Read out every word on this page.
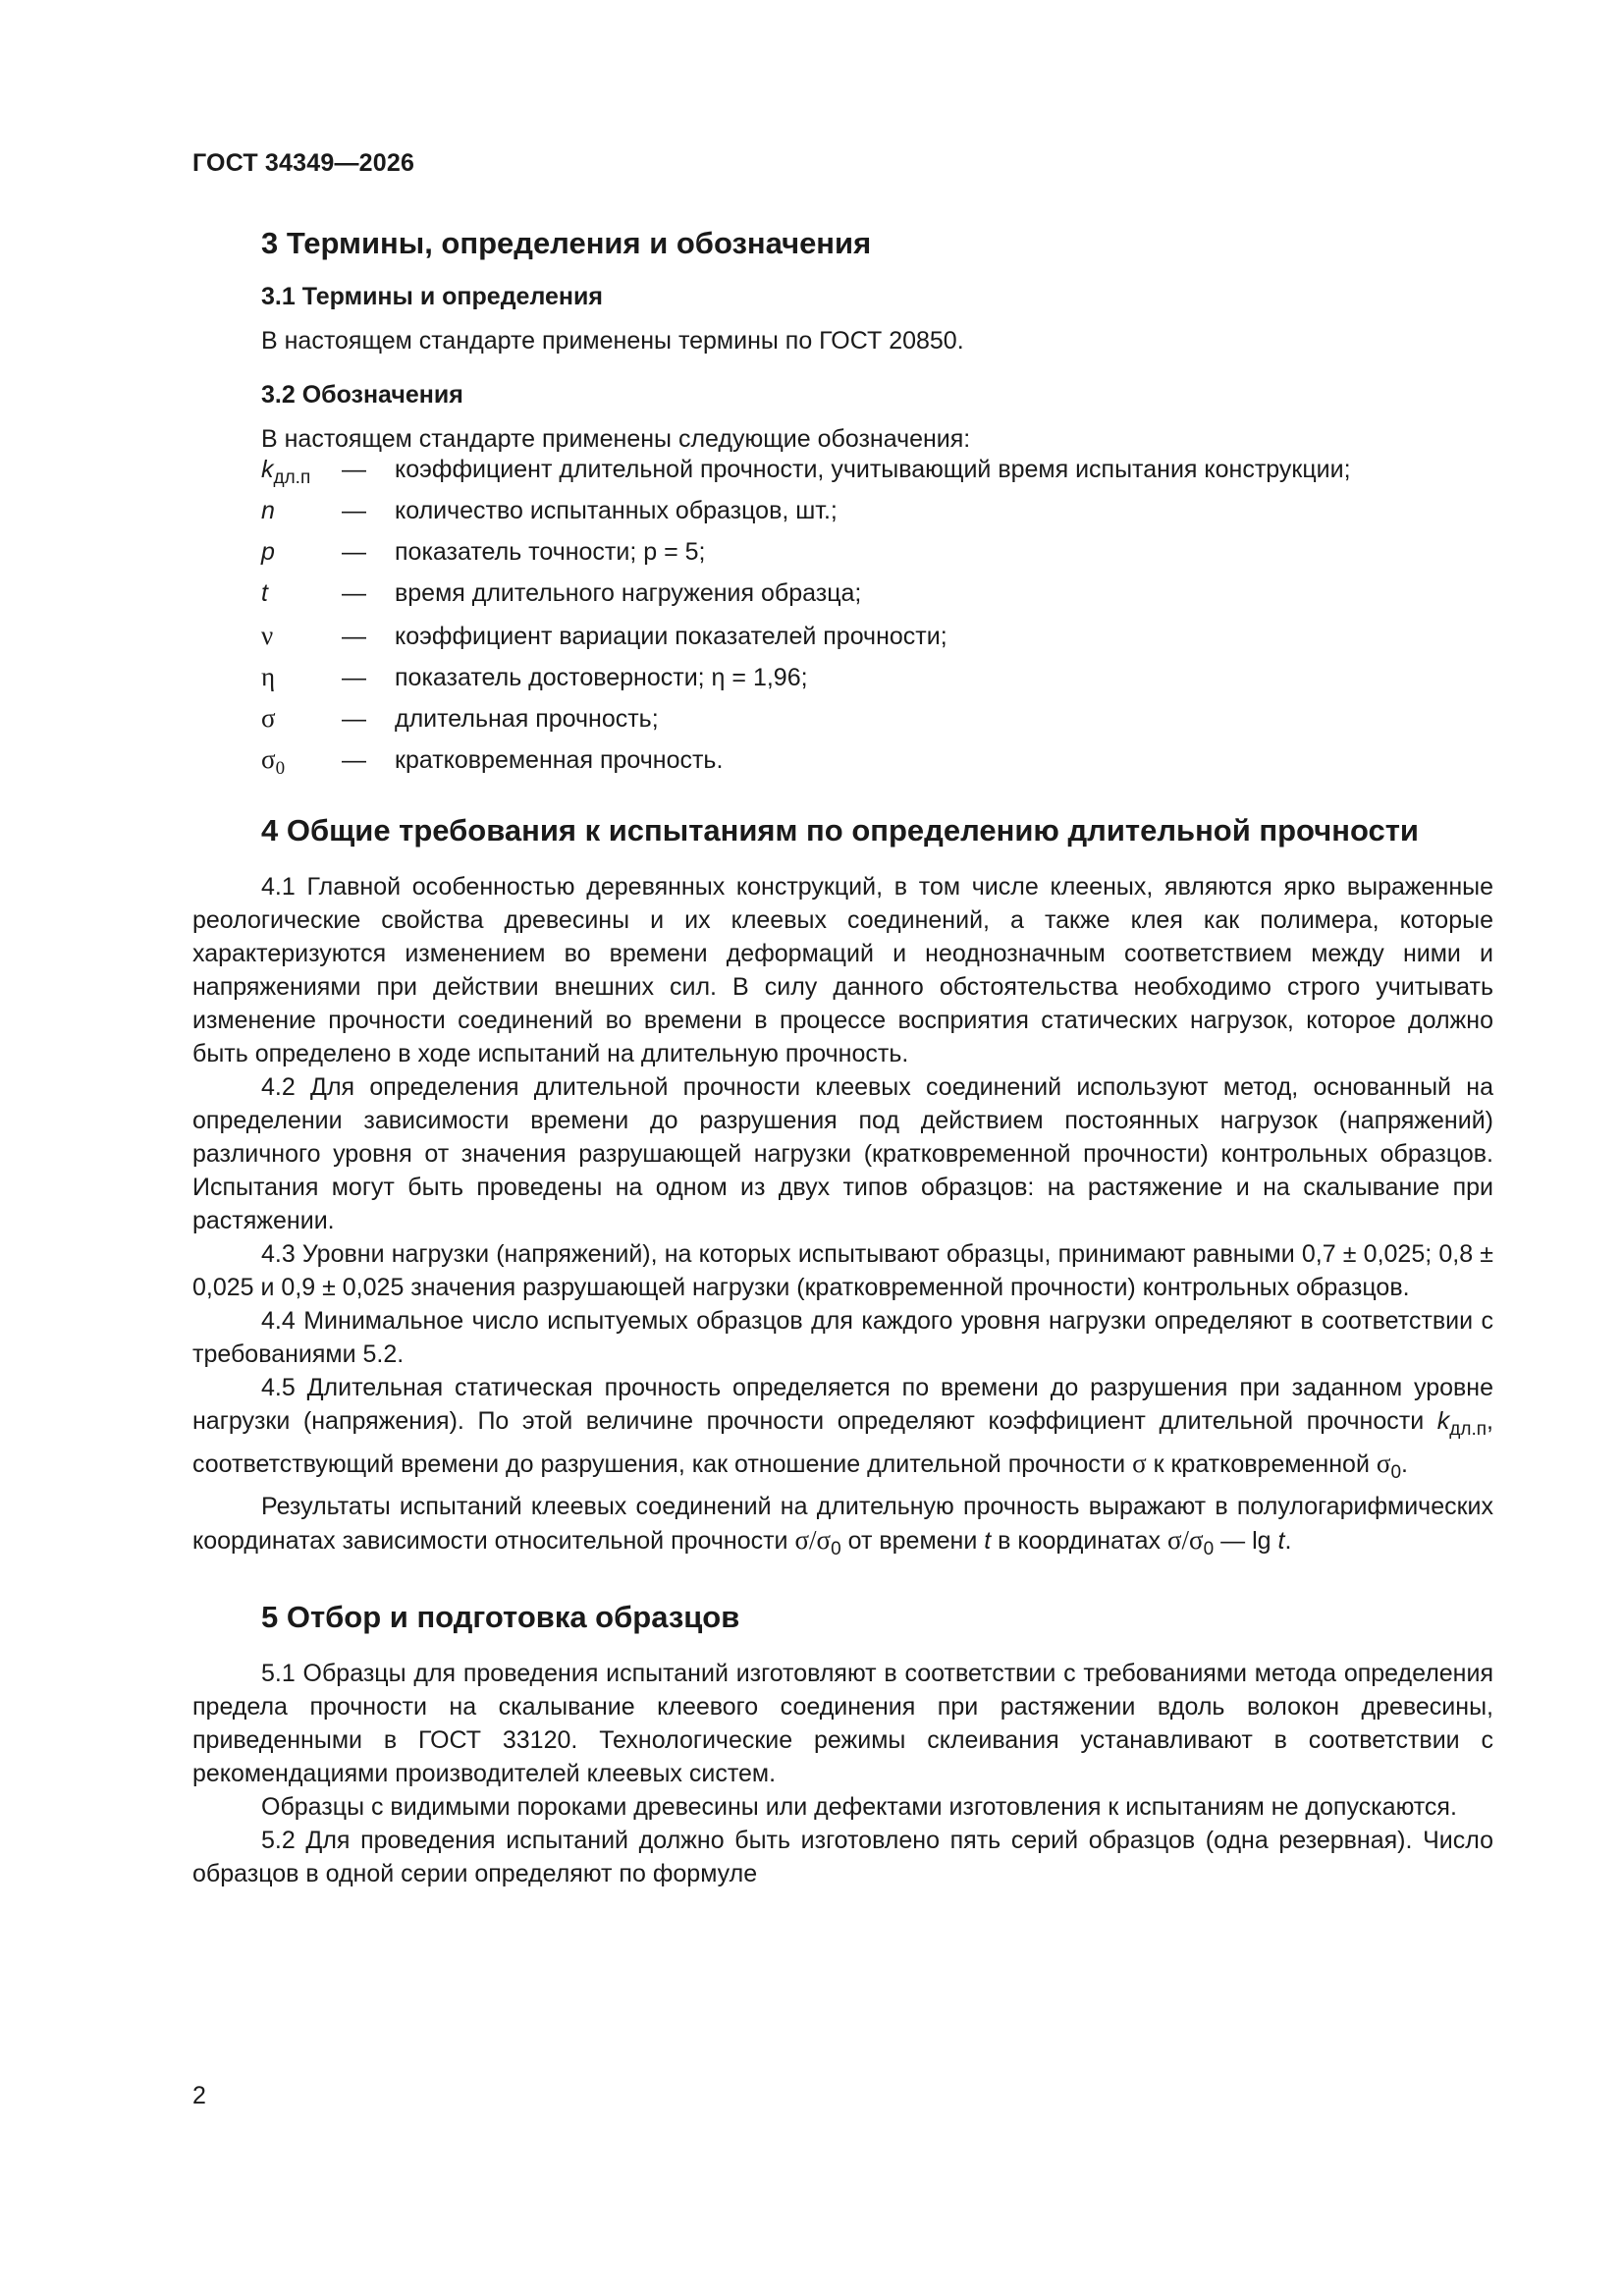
ГОСТ 34349—2026
3 Термины, определения и обозначения
3.1 Термины и определения

В настоящем стандарте применены термины по ГОСТ 20850.

3.2 Обозначения

В настоящем стандарте применены следующие обозначения:

$k_{дл.п}$	—	коэффициент длительной прочности, учитывающий время испытания конструкции;
n	—	количество испытанных образцов, шт.;
p	—	показатель точности; p = 5;
t	—	время длительного нагружения образца;
ν	—	коэффициент вариации показателей прочности;
η	—	показатель достоверности; η = 1,96;
σ	—	длительная прочность;
$\sigma_0$	—	кратковременная прочность.
4 Общие требования к испытаниям по определению длительной прочности

4.1 Главной особенностью деревянных конструкций, в том числе клееных, являются ярко выраженные реологические свойства древесины и их клеевых соединений, а также клея как полимера, которые характеризуются изменением во времени деформаций и неоднозначным соответствием между ними и напряжениями при действии внешних сил. В силу данного обстоятельства необходимо строго учитывать изменение прочности соединений во времени в процессе восприятия статических нагрузок, которое должно быть определено в ходе испытаний на длительную прочность.

4.2 Для определения длительной прочности клеевых соединений используют метод, основанный на определении зависимости времени до разрушения под действием постоянных нагрузок (напряжений) различного уровня от значения разрушающей нагрузки (кратковременной прочности) контрольных образцов. Испытания могут быть проведены на одном из двух типов образцов: на растяжение и на скалывание при растяжении.

4.3 Уровни нагрузки (напряжений), на которых испытывают образцы, принимают равными 0,7 ± 0,025; 0,8 ± 0,025 и 0,9 ± 0,025 значения разрушающей нагрузки (кратковременной прочности) контрольных образцов.

4.4 Минимальное число испытуемых образцов для каждого уровня нагрузки определяют в соответствии с требованиями 5.2.

4.5 Длительная статическая прочность определяется по времени до разрушения при заданном уровне нагрузки (напряжения). По этой величине прочности определяют коэффициент длительной прочности $k_{дл.п}$, соответствующий времени до разрушения, как отношение длительной прочности σ к кратковременной $\sigma_0$.

Результаты испытаний клеевых соединений на длительную прочность выражают в полулогарифмических координатах зависимости относительной прочности $\sigma/\sigma_0$ от времени t в координатах $\sigma/\sigma_0$ — lg t.

5 Отбор и подготовка образцов

5.1 Образцы для проведения испытаний изготовляют в соответствии с требованиями метода определения предела прочности на скалывание клеевого соединения при растяжении вдоль волокон древесины, приведенными в ГОСТ 33120. Технологические режимы склеивания устанавливают в соответствии с рекомендациями производителей клеевых систем.

Образцы с видимыми пороками древесины или дефектами изготовления к испытаниям не допускаются.

5.2 Для проведения испытаний должно быть изготовлено пять серий образцов (одна резервная). Число образцов в одной серии определяют по формуле

2
